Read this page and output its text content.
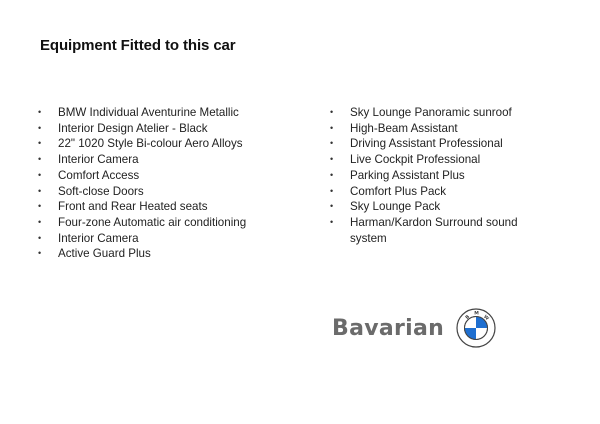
Equipment Fitted to this car
• BMW Individual Aventurine Metallic
• Interior Design Atelier - Black
• 22" 1020 Style Bi-colour Aero Alloys
• Interior Camera
• Comfort Access
• Soft-close Doors
• Front and Rear Heated seats
• Four-zone Automatic air conditioning
• Interior Camera
• Active Guard Plus
• Sky Lounge Panoramic sunroof
• High-Beam Assistant
• Driving Assistant Professional
• Live Cockpit Professional
• Parking Assistant Plus
• Comfort Plus Pack
• Sky Lounge Pack
• Harman/Kardon Surround sound system
Bavarian	B
M
W
